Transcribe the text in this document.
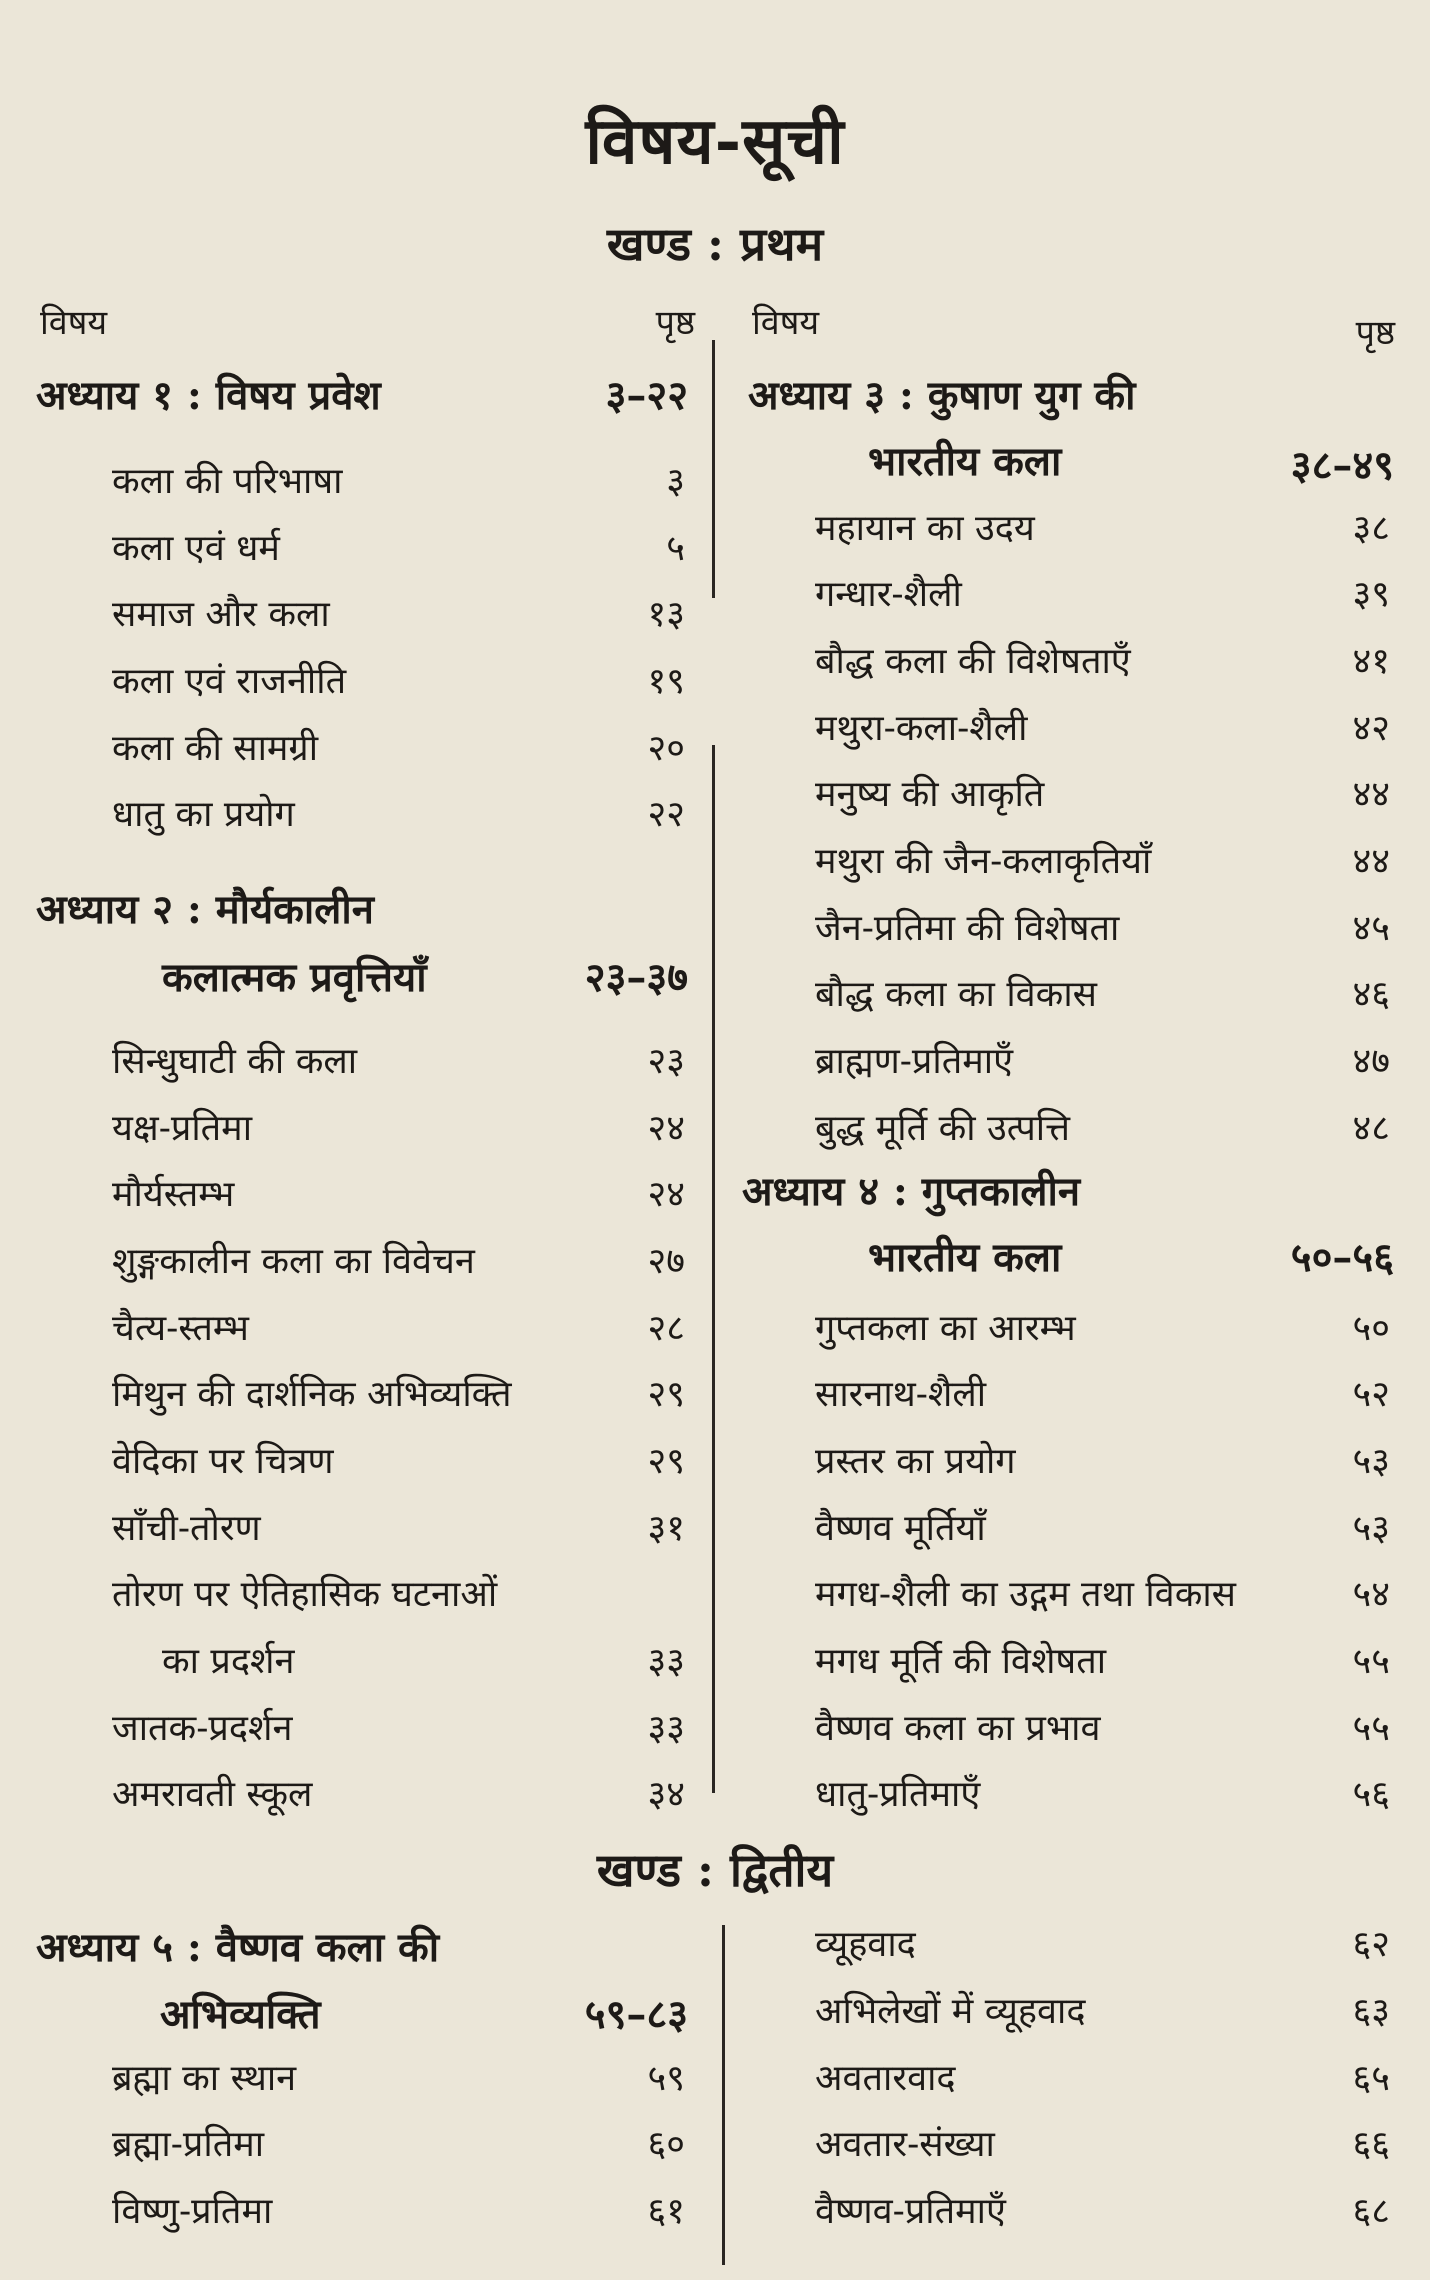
विषय-सूची
खण्ड : प्रथम
विषय	पृष्ठ विषय	पृष्ठ
अध्याय १ : विषय प्रवेश	३–२२
कला की परिभाषा	३
कला एवं धर्म	५
समाज और कला	१३
कला एवं राजनीति	१९
कला की सामग्री	२०
धातु का प्रयोग	२२
अध्याय २ : मौर्यकालीन
कलात्मक प्रवृत्तियाँ	२३–३७
सिन्धुघाटी की कला	२३
यक्ष-प्रतिमा	२४
मौर्यस्तम्भ	२४
शुङ्गकालीन कला का विवेचन	२७
चैत्य-स्तम्भ	२८
मिथुन की दार्शनिक अभिव्यक्ति	२९
वेदिका पर चित्रण	२९
साँची-तोरण	३१
तोरण पर ऐतिहासिक घटनाओं
का प्रदर्शन	३३
जातक-प्रदर्शन	३३
अमरावती स्कूल	३४
अध्याय ३ : कुषाण युग की
भारतीय कला	३८–४९
महायान का उदय	३८
गन्धार-शैली	३९
बौद्ध कला की विशेषताएँ	४१
मथुरा-कला-शैली	४२
मनुष्य की आकृति	४४
मथुरा की जैन-कलाकृतियाँ	४४
जैन-प्रतिमा की विशेषता	४५
बौद्ध कला का विकास	४६
ब्राह्मण-प्रतिमाएँ	४७
बुद्ध मूर्ति की उत्पत्ति	४८
अध्याय ४ : गुप्तकालीन
भारतीय कला	५०–५६
गुप्तकला का आरम्भ	५०
सारनाथ-शैली	५२
प्रस्तर का प्रयोग	५३
वैष्णव मूर्तियाँ	५३
मगध-शैली का उद्गम तथा विकास	५४
मगध मूर्ति की विशेषता	५५
वैष्णव कला का प्रभाव	५५
धातु-प्रतिमाएँ	५६
खण्ड : द्वितीय
अध्याय ५ : वैष्णव कला की
अभिव्यक्ति	५९–८३
ब्रह्मा का स्थान	५९
ब्रह्मा-प्रतिमा	६०
विष्णु-प्रतिमा	६१
व्यूहवाद	६२
अभिलेखों में व्यूहवाद	६३
अवतारवाद	६५
अवतार-संख्या	६६
वैष्णव-प्रतिमाएँ	६८
